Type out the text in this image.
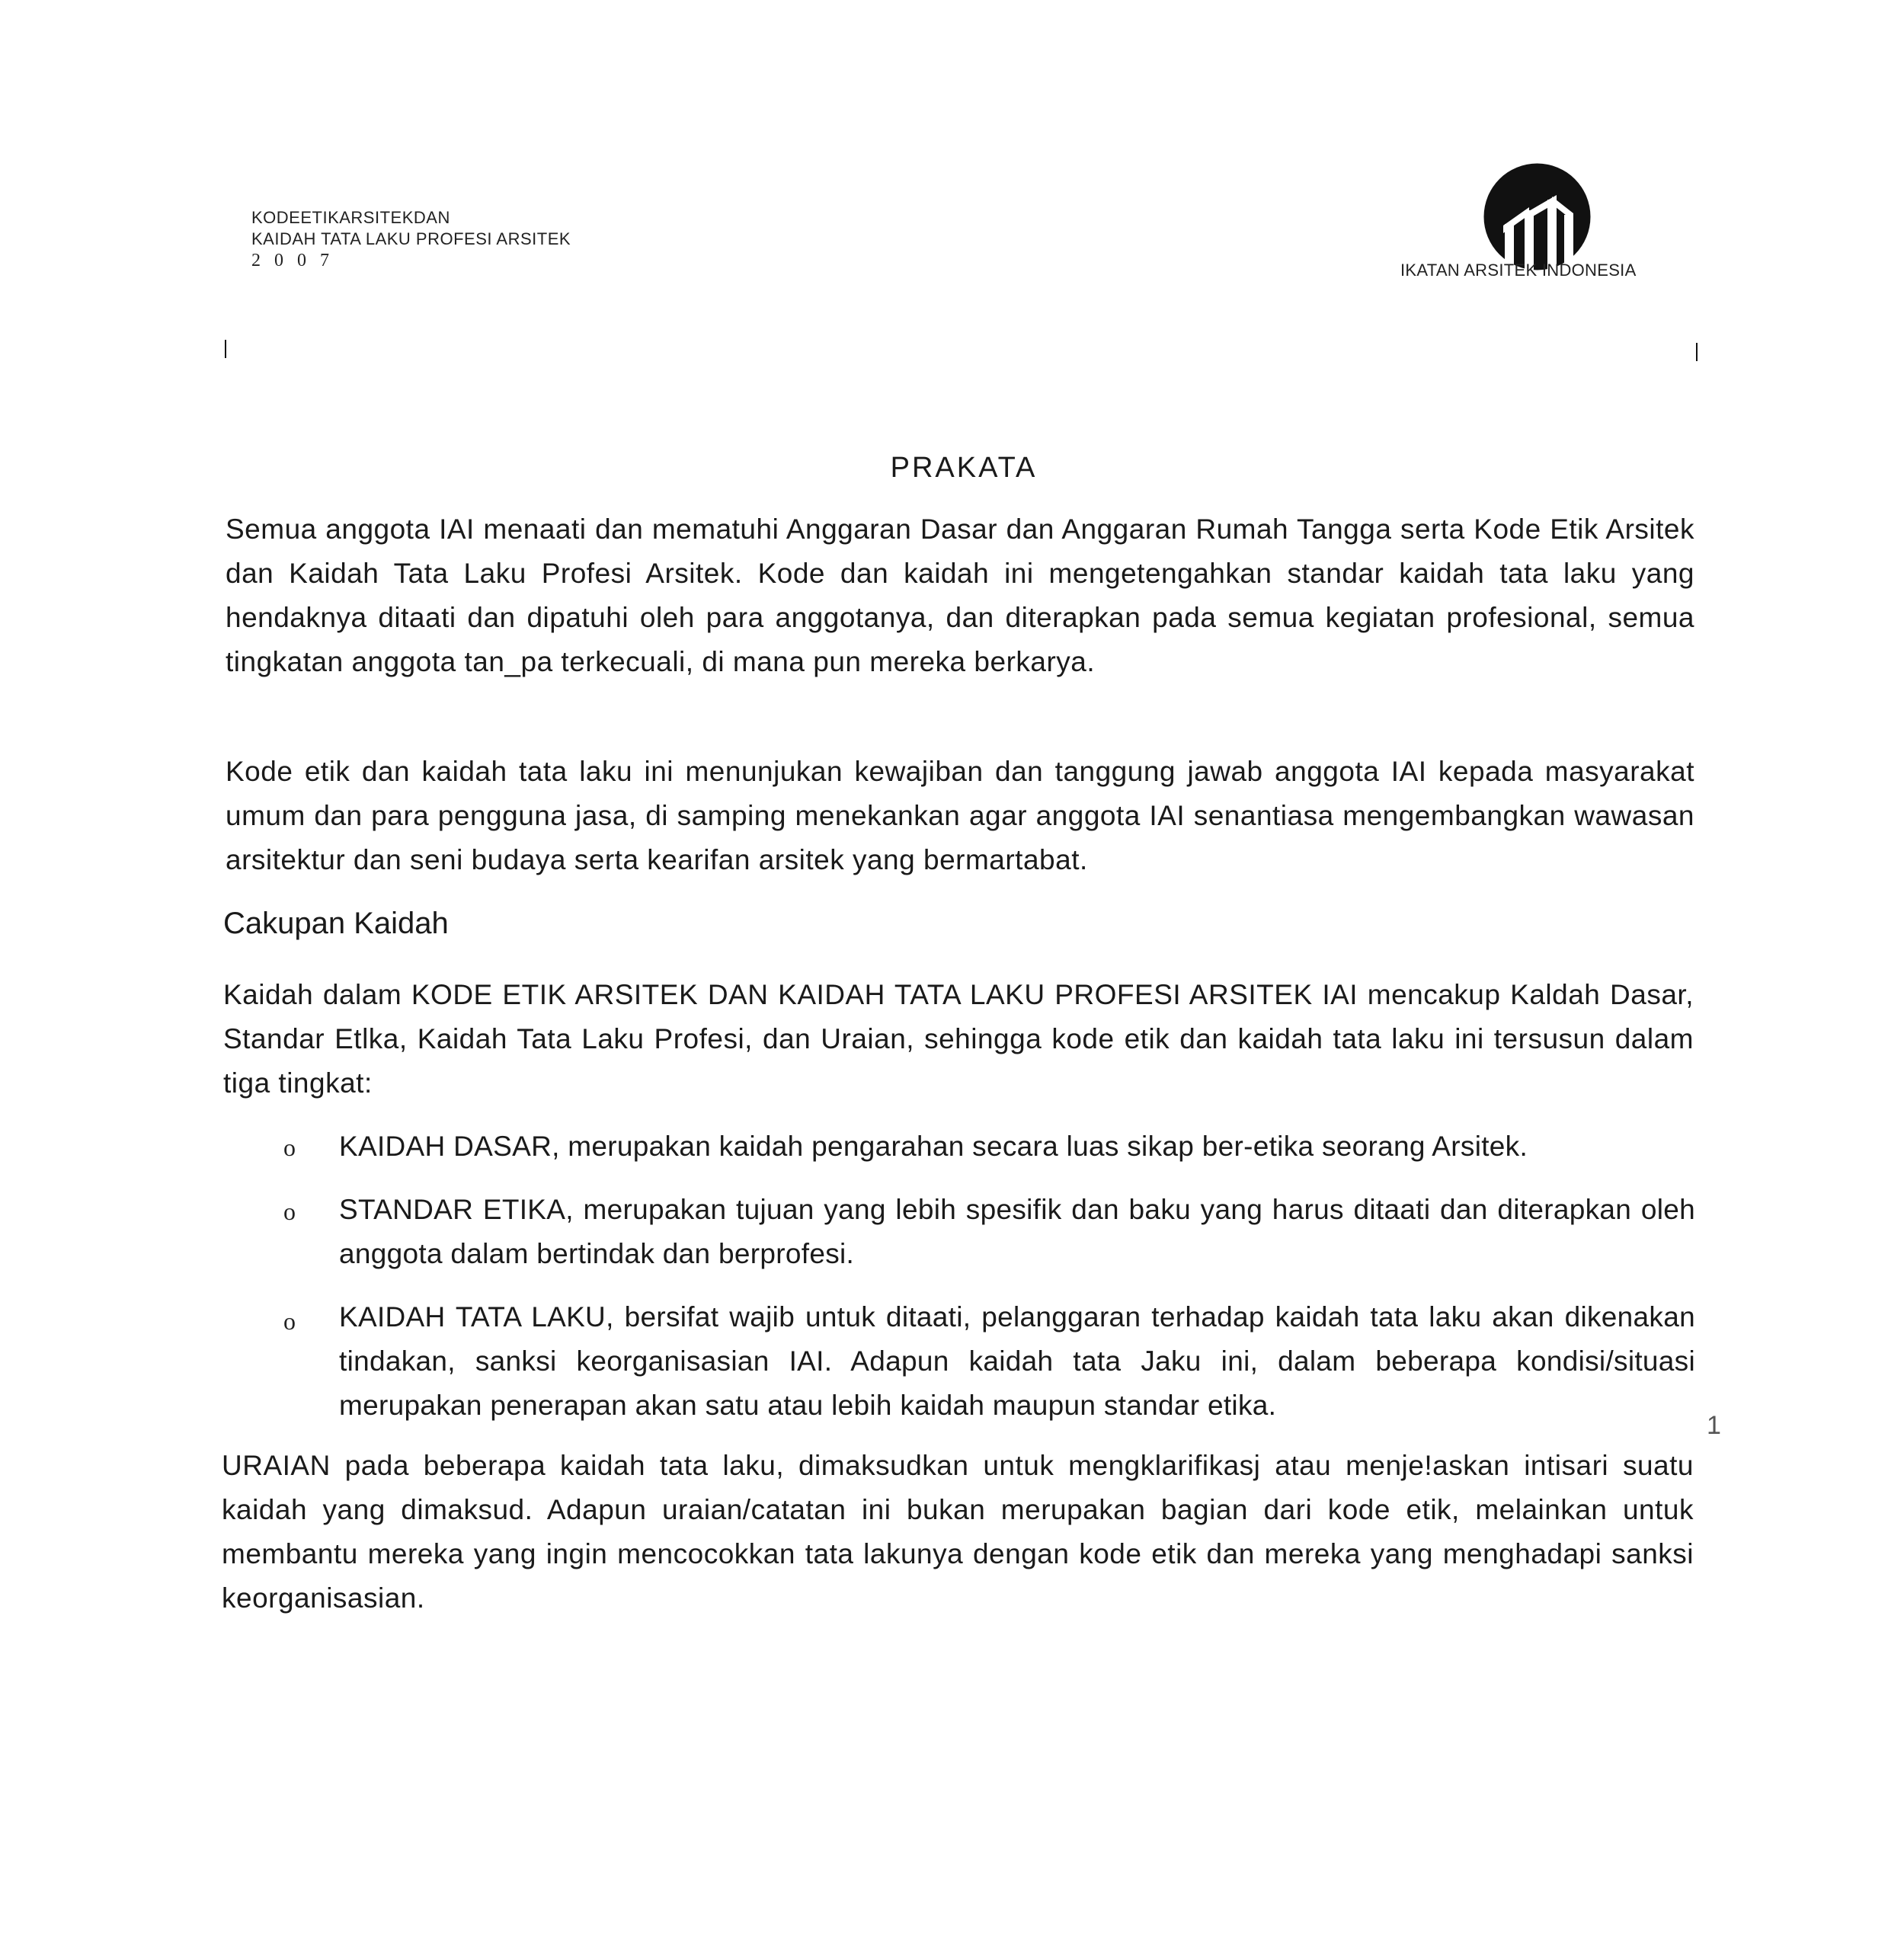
KODEETIKARSITEKDAN
KAIDAH TATA LAKU PROFESI ARSITEK
2007	IKATAN ARSITEK INDONESIA
PRAKATA
Semua anggota IAI menaati dan mematuhi Anggaran Dasar dan Anggaran Rumah Tangga serta Kode Etik Arsitek dan Kaidah Tata Laku Profesi Arsitek. Kode dan kaidah ini mengetengahkan standar kaidah tata laku yang hendaknya ditaati dan dipatuhi oleh para anggotanya, dan diterapkan pada semua kegiatan profesional, semua tingkatan anggota tan_pa terkecuali, di mana pun mereka berkarya.
Kode etik dan kaidah tata laku ini menunjukan kewajiban dan tanggung jawab anggota IAI kepada masyarakat umum dan para pengguna jasa, di samping menekankan agar anggota IAI senantiasa mengembangkan wawasan arsitektur dan seni budaya serta kearifan arsitek yang bermartabat.
Cakupan Kaidah
Kaidah dalam KODE ETIK ARSITEK DAN KAIDAH TATA LAKU PROFESI ARSITEK IAI mencakup Kaldah Dasar, Standar Etlka, Kaidah Tata Laku Profesi, dan Uraian, sehingga kode etik dan kaidah tata laku ini tersusun dalam tiga tingkat:
o KAIDAH DASAR, merupakan kaidah pengarahan secara luas sikap ber-etika seorang Arsitek.
o STANDAR ETIKA, merupakan tujuan yang lebih spesifik dan baku yang harus ditaati dan diterapkan oleh anggota dalam bertindak dan berprofesi.
o KAIDAH TATA LAKU, bersifat wajib untuk ditaati, pelanggaran terhadap kaidah tata laku akan dikenakan tindakan, sanksi keorganisasian IAI. Adapun kaidah tata Jaku ini, dalam beberapa kondisi/situasi merupakan penerapan akan satu atau lebih kaidah maupun standar etika.
1
URAIAN pada beberapa kaidah tata laku, dimaksudkan untuk mengklarifikasj atau menje!askan intisari suatu kaidah yang dimaksud. Adapun uraian/catatan ini bukan merupakan bagian dari kode etik, melainkan untuk membantu mereka yang ingin mencocokkan tata lakunya dengan kode etik dan mereka yang menghadapi sanksi keorganisasian.
